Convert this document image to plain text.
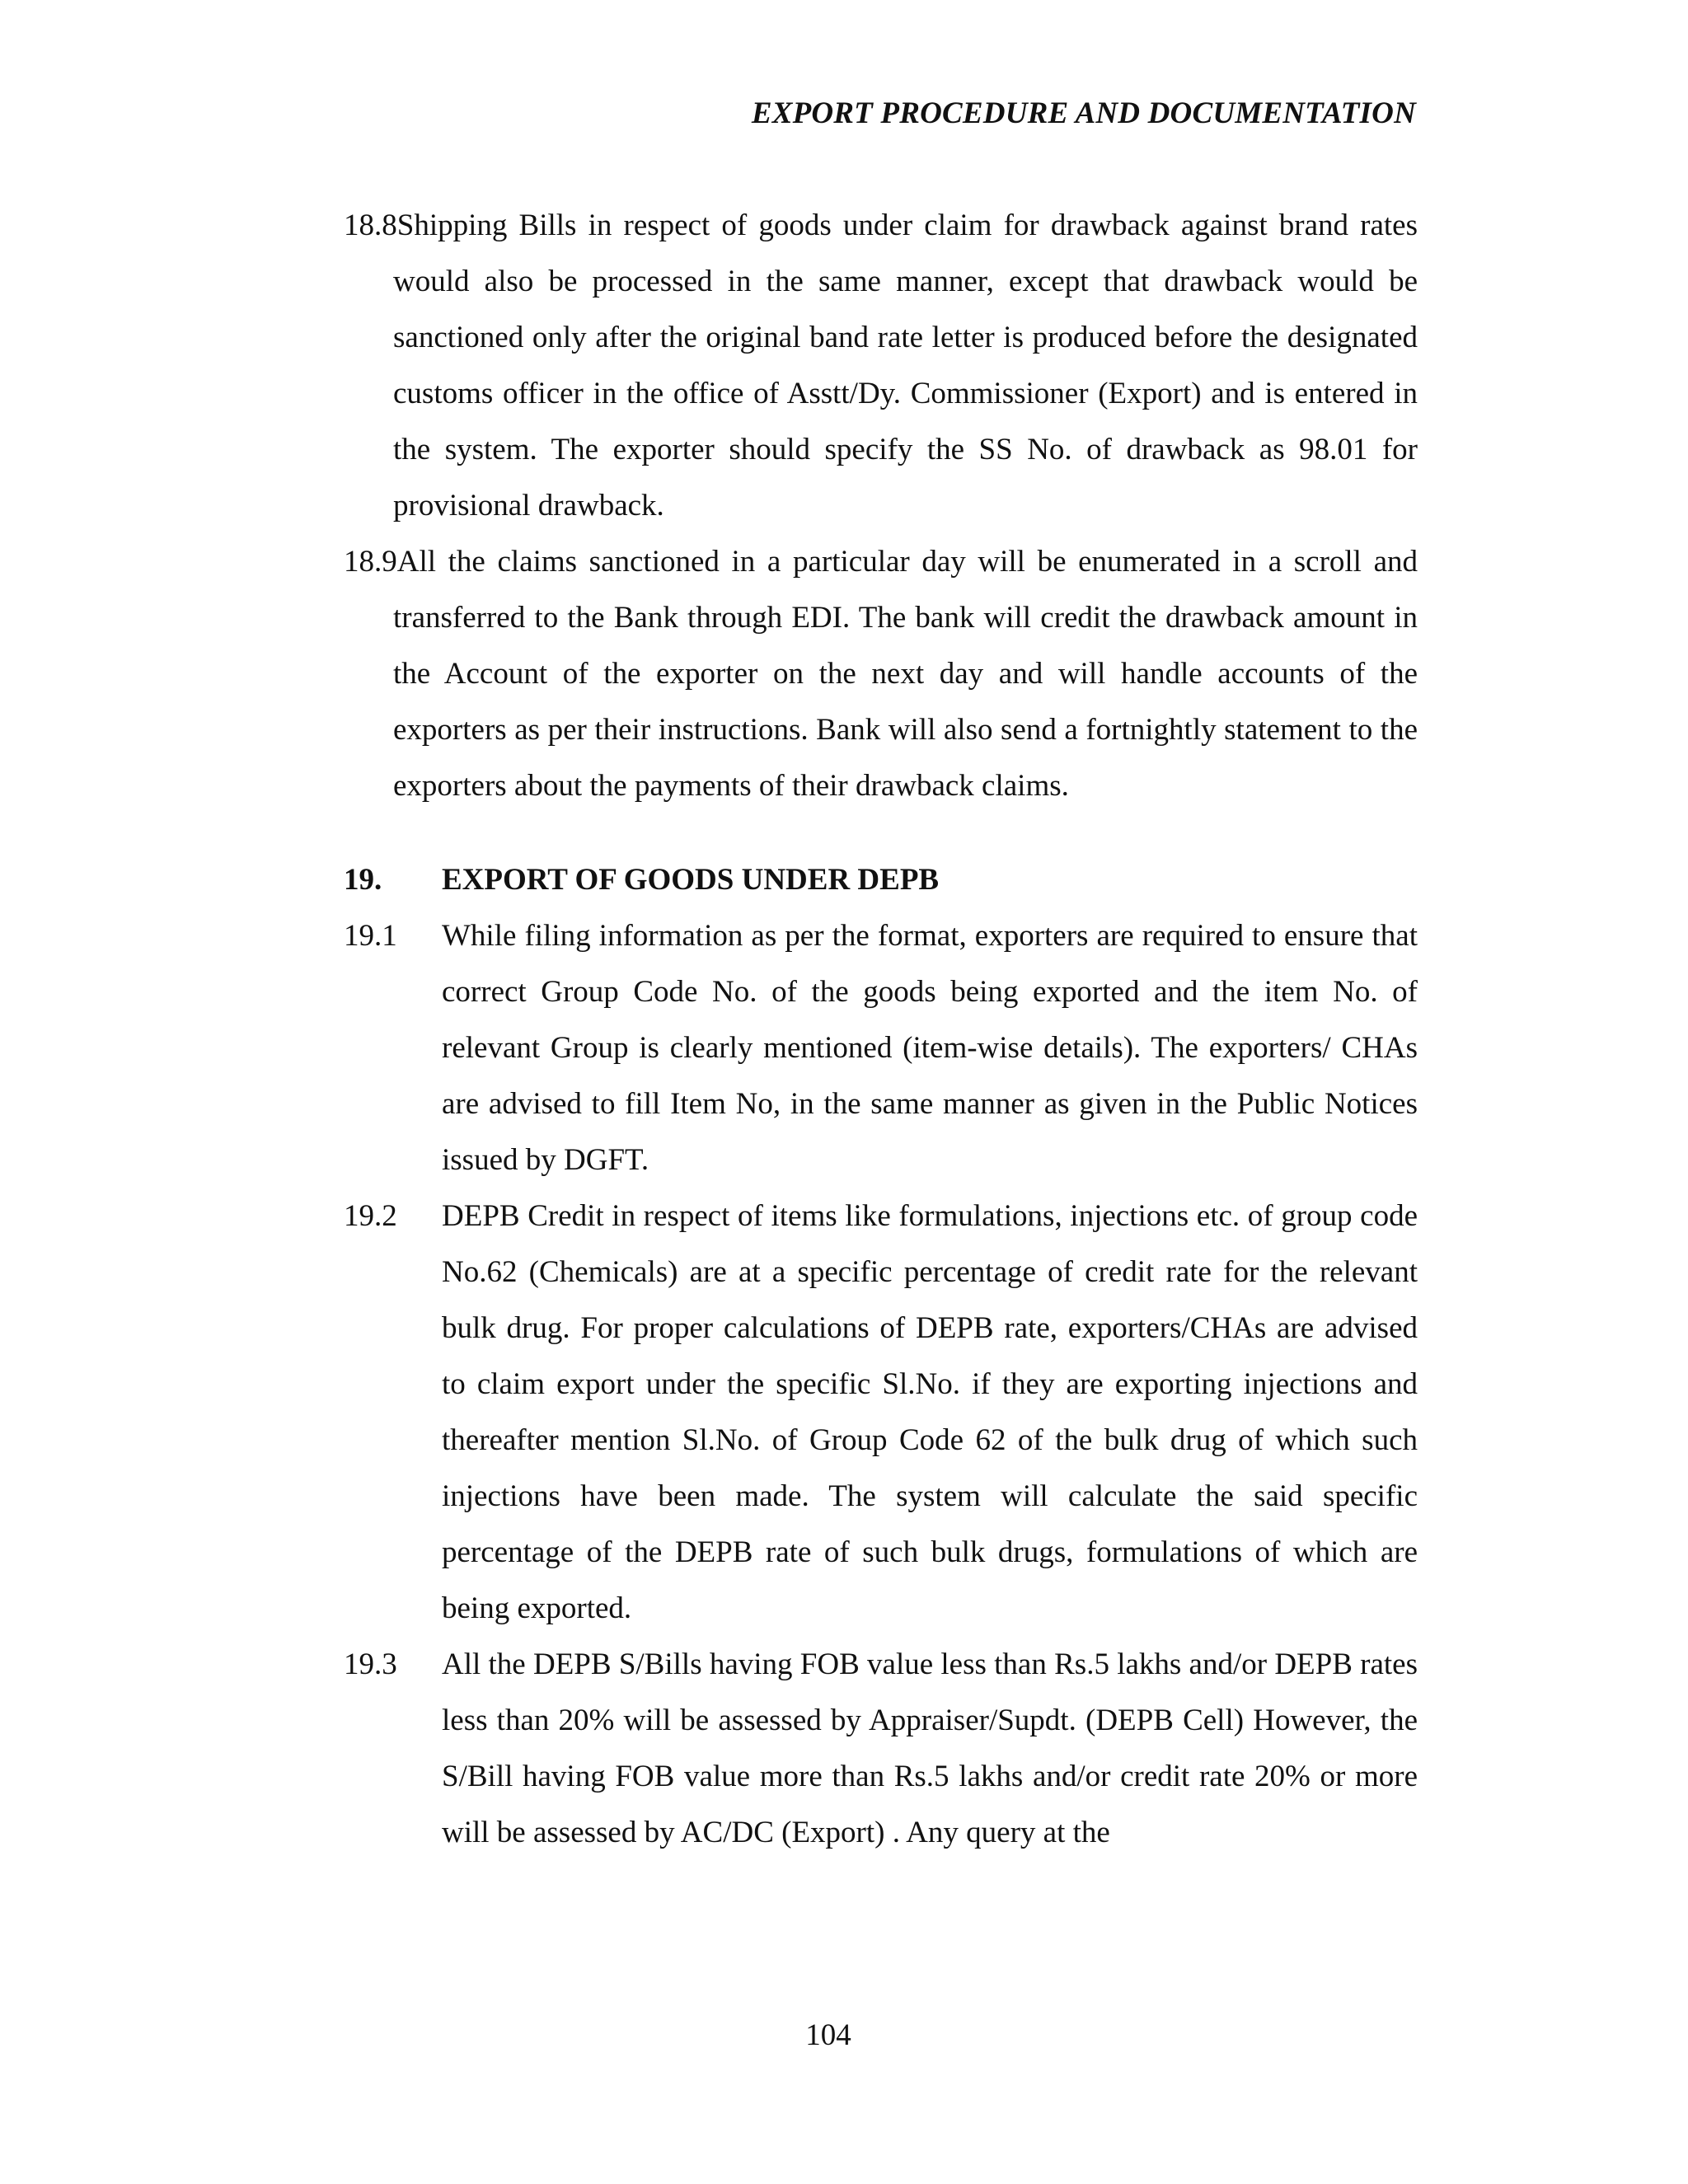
EXPORT PROCEDURE AND DOCUMENTATION
18.8Shipping Bills in respect of goods under claim for drawback against brand rates would also be processed in the same manner, except that drawback would be sanctioned only after the original band rate letter is produced before the designated customs officer in the office of Asstt/Dy. Commissioner (Export) and is entered in the system. The exporter should specify the SS No. of drawback as 98.01 for provisional drawback.
18.9All the claims sanctioned in a particular day will be enumerated in a scroll and transferred to the Bank through EDI. The bank will credit the drawback amount in the Account of the exporter on the next day and will handle accounts of the exporters as per their instructions. Bank will also send a fortnightly statement to the exporters about the payments of their drawback claims.
19.	EXPORT OF GOODS UNDER DEPB
19.1	While filing information as per the format, exporters are required to ensure that correct Group Code No. of the goods being exported and the item No. of relevant Group is clearly mentioned (item-wise details). The exporters/ CHAs are advised to fill Item No, in the same manner as given in the Public Notices issued by DGFT.
19.2	DEPB Credit in respect of items like formulations, injections etc. of group code No.62 (Chemicals) are at a specific percentage of credit rate for the relevant bulk drug. For proper calculations of DEPB rate, exporters/CHAs are advised to claim export under the specific Sl.No. if they are exporting injections and thereafter mention Sl.No. of Group Code 62 of the bulk drug of which such injections have been made. The system will calculate the said specific percentage of the DEPB rate of such bulk drugs, formulations of which are being exported.
19.3	All the DEPB S/Bills having FOB value less than Rs.5 lakhs and/or DEPB rates less than 20% will be assessed by Appraiser/Supdt. (DEPB Cell) However, the S/Bill having FOB value more than Rs.5 lakhs and/or credit rate 20% or more will be assessed by AC/DC (Export) . Any query at the
104
